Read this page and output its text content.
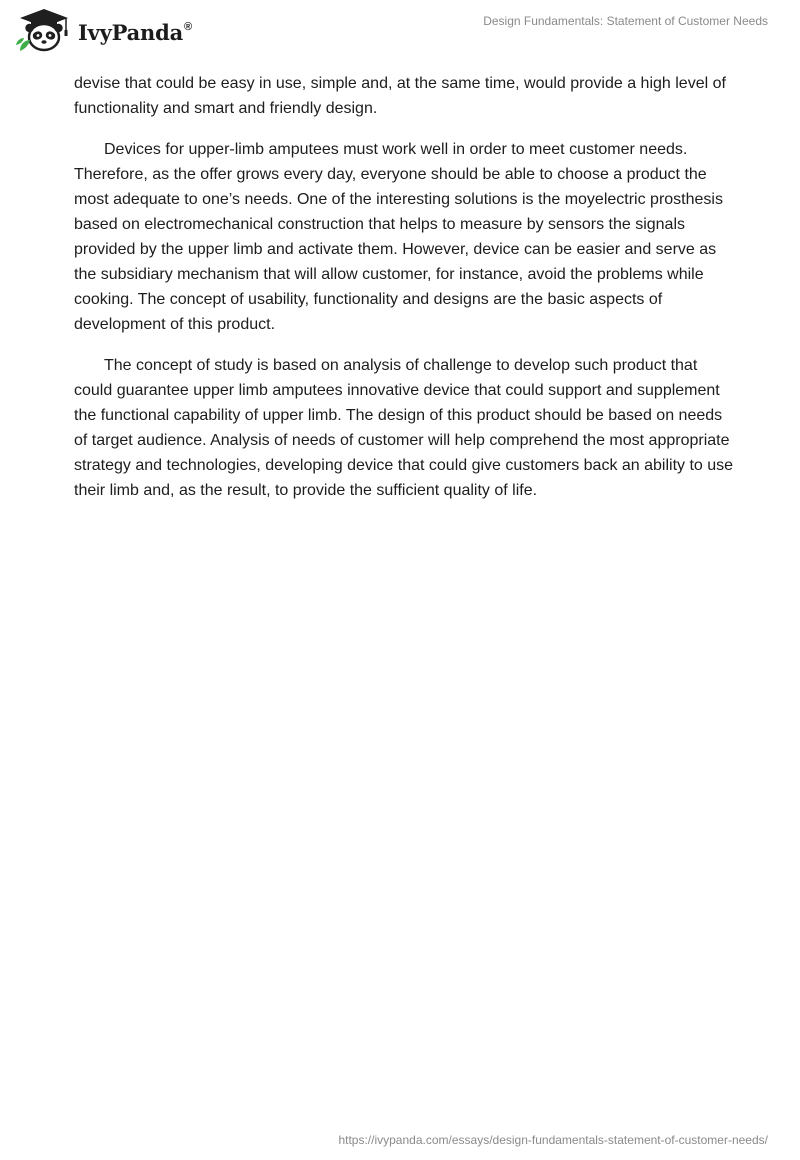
IvyPanda®	Design Fundamentals: Statement of Customer Needs

devise that could be easy in use, simple and, at the same time, would provide a high level of functionality and smart and friendly design.

Devices for upper-limb amputees must work well in order to meet customer needs. Therefore, as the offer grows every day, everyone should be able to choose a product the most adequate to one’s needs. One of the interesting solutions is the moyelectric prosthesis based on electromechanical construction that helps to measure by sensors the signals provided by the upper limb and activate them. However, device can be easier and serve as the subsidiary mechanism that will allow customer, for instance, avoid the problems while cooking. The concept of usability, functionality and designs are the basic aspects of development of this product.

The concept of study is based on analysis of challenge to develop such product that could guarantee upper limb amputees innovative device that could support and supplement the functional capability of upper limb. The design of this product should be based on needs of target audience. Analysis of needs of customer will help comprehend the most appropriate strategy and technologies, developing device that could give customers back an ability to use their limb and, as the result, to provide the sufficient quality of life.

https://ivypanda.com/essays/design-fundamentals-statement-of-customer-needs/
